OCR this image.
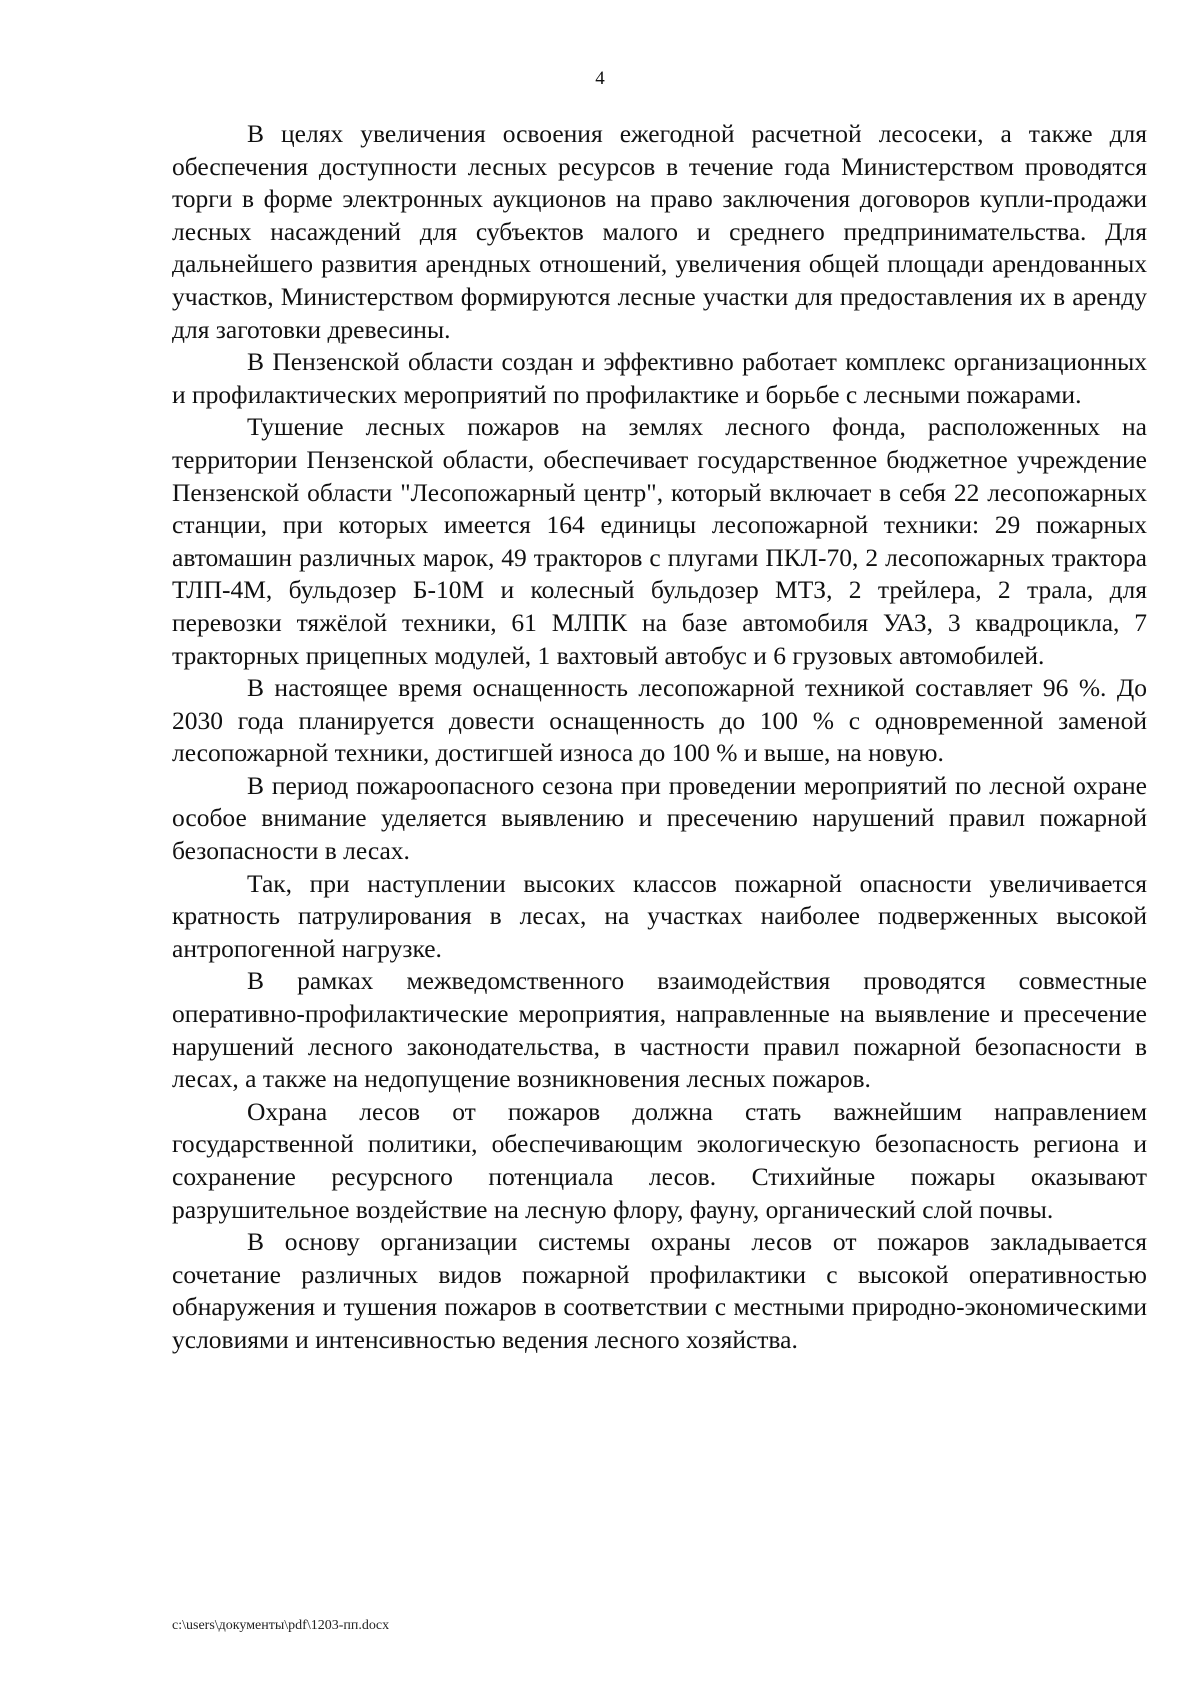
4

В целях увеличения освоения ежегодной расчетной лесосеки, а также для обеспечения доступности лесных ресурсов в течение года Министерством проводятся торги в форме электронных аукционов на право заключения договоров купли-продажи лесных насаждений для субъектов малого и среднего предпринимательства. Для дальнейшего развития арендных отношений, увеличения общей площади арендованных участков, Министерством формируются лесные участки для предоставления их в аренду для заготовки древесины.

В Пензенской области создан и эффективно работает комплекс организационных и профилактических мероприятий по профилактике и борьбе с лесными пожарами.

Тушение лесных пожаров на землях лесного фонда, расположенных на территории Пензенской области, обеспечивает государственное бюджетное учреждение Пензенской области "Лесопожарный центр", который включает в себя 22 лесопожарных станции, при которых имеется 164 единицы лесопожарной техники: 29 пожарных автомашин различных марок, 49 тракторов с плугами ПКЛ-70, 2 лесопожарных трактора ТЛП-4М, бульдозер Б-10М и колесный бульдозер МТЗ, 2 трейлера, 2 трала, для перевозки тяжёлой техники, 61 МЛПК на базе автомобиля УАЗ, 3 квадроцикла, 7 тракторных прицепных модулей, 1 вахтовый автобус и 6 грузовых автомобилей.

В настоящее время оснащенность лесопожарной техникой составляет 96 %. До 2030 года планируется довести оснащенность до 100 % с одновременной заменой лесопожарной техники, достигшей износа до 100 % и выше, на новую.

В период пожароопасного сезона при проведении мероприятий по лесной охране особое внимание уделяется выявлению и пресечению нарушений правил пожарной безопасности в лесах.

Так, при наступлении высоких классов пожарной опасности увеличивается кратность патрулирования в лесах, на участках наиболее подверженных высокой антропогенной нагрузке.

В рамках межведомственного взаимодействия проводятся совместные оперативно-профилактические мероприятия, направленные на выявление и пресечение нарушений лесного законодательства, в частности правил пожарной безопасности в лесах, а также на недопущение возникновения лесных пожаров.

Охрана лесов от пожаров должна стать важнейшим направлением государственной политики, обеспечивающим экологическую безопасность региона и сохранение ресурсного потенциала лесов. Стихийные пожары оказывают разрушительное воздействие на лесную флору, фауну, органический слой почвы.

В основу организации системы охраны лесов от пожаров закладывается сочетание различных видов пожарной профилактики с высокой оперативностью обнаружения и тушения пожаров в соответствии с местными природно-экономическими условиями и интенсивностью ведения лесного хозяйства.

c:\users\документы\pdf\1203-пп.docx
